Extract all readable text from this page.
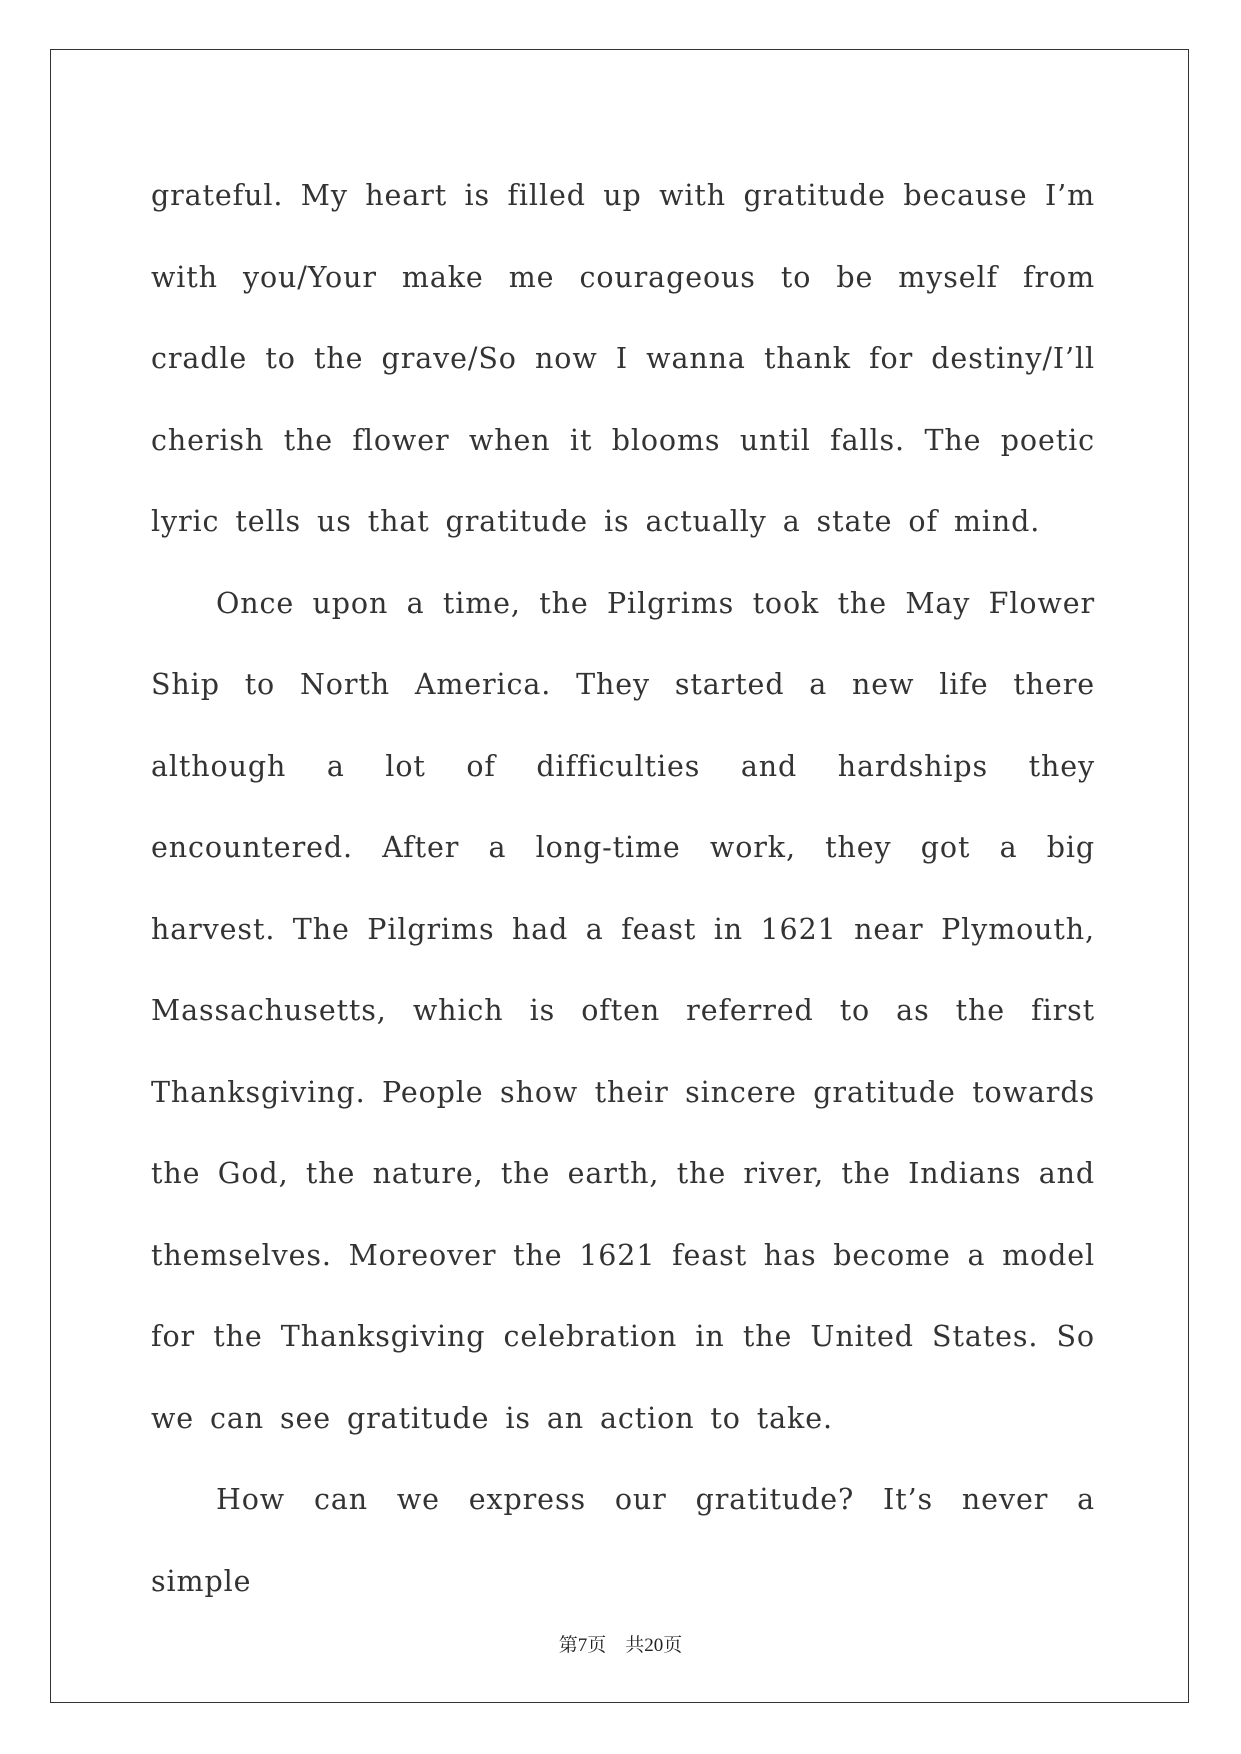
grateful. My heart is filled up with gratitude because I’m with you/Your make me courageous to be myself from cradle to the grave/So now I wanna thank for destiny/I’ll cherish the flower when it blooms until falls. The poetic lyric tells us that gratitude is actually a state of mind.

Once upon a time, the Pilgrims took the May Flower Ship to North America. They started a new life there although a lot of difficulties and hardships they encountered. After a long-time work, they got a big harvest. The Pilgrims had a feast in 1621 near Plymouth, Massachusetts, which is often referred to as the first Thanksgiving. People show their sincere gratitude towards the God, the nature, the earth, the river, the Indians and themselves. Moreover the 1621 feast has become a model for the Thanksgiving celebration in the United States. So we can see gratitude is an action to take.

How can we express our gratitude? It’s never a simple

第7页　共20页
